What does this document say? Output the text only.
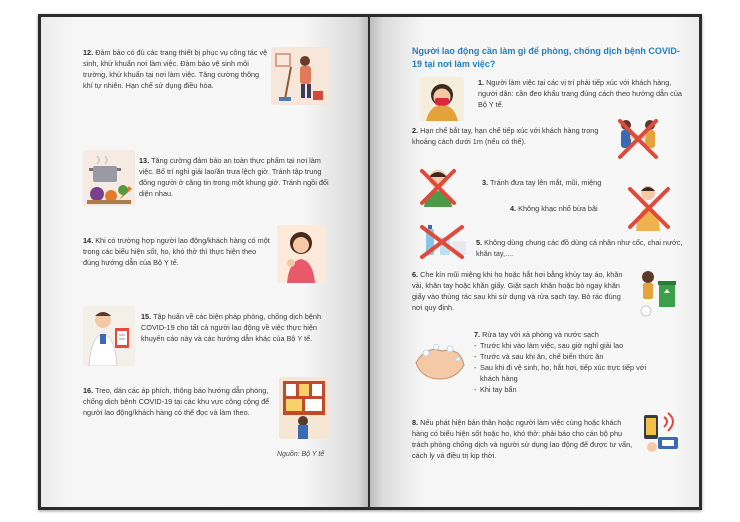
12. Đảm bảo có đủ các trang thiết bị phục vụ công tác vệ sinh, khử khuẩn nơi làm việc. Đảm bảo vệ sinh môi trường, khử khuẩn tại nơi làm việc. Tăng cường thông khí tự nhiên. Hạn chế sử dụng điều hòa.
13. Tăng cường đảm bảo an toàn thực phẩm tại nơi làm việc. Bố trí nghỉ giải lao/ăn trưa lệch giờ. Tránh tập trung đông người ở căng tin trong một khung giờ. Tránh ngồi đối diện nhau.
14. Khi có trường hợp người lao động/khách hàng có một trong các biểu hiện sốt, ho, khó thở thì thực hiện theo đúng hướng dẫn của Bộ Y tế.
15. Tập huấn về các biện pháp phòng, chống dịch bệnh COVID-19 cho tất cả người lao động về việc thực hiện khuyến cáo này và các hướng dẫn khác của Bộ Y tế.
16. Treo, dán các áp phích, thông báo hướng dẫn phòng, chống dịch bệnh COVID-19 tại các khu vực công cộng để người lao động/khách hàng có thể đọc và làm theo.
Nguồn: Bộ Y tế
Người lao động cần làm gì để phòng, chống dịch bệnh COVID-19 tại nơi làm việc?
1. Người làm việc tại các vị trí phải tiếp xúc với khách hàng, người dân: cần đeo khẩu trang đúng cách theo hướng dẫn của Bộ Y tế.
2. Hạn chế bắt tay, hạn chế tiếp xúc với khách hàng trong khoảng cách dưới 1m (nếu có thể).
3. Tránh đưa tay lên mắt, mũi, miệng
4. Không khạc nhổ bừa bãi
5. Không dùng chung các đồ dùng cá nhân như cốc, chai nước, khăn tay,....
6. Che kín mũi miệng khi ho hoặc hắt hơi bằng khủy tay áo, khăn vải, khăn tay hoặc khăn giấy. Giặt sạch khăn hoặc bỏ ngay khăn giấy vào thùng rác sau khi sử dụng và rửa sạch tay. Bỏ rác đúng nơi quy định.
7. Rửa tay với xà phòng và nước sạch
- Trước khi vào làm việc, sau giờ nghỉ giải lao
- Trước và sau khi ăn, chế biến thức ăn
- Sau khi đi vệ sinh, ho, hắt hơi, tiếp xúc trực tiếp với
khách hàng
- Khi tay bẩn
8. Nếu phát hiện bản thân hoặc người làm việc cùng hoặc khách hàng có biểu hiện sốt hoặc ho, khó thở: phải báo cho cán bộ phụ trách phòng chống dịch và người sử dụng lao động để được tư vấn, cách ly và điều trị kịp thời.
